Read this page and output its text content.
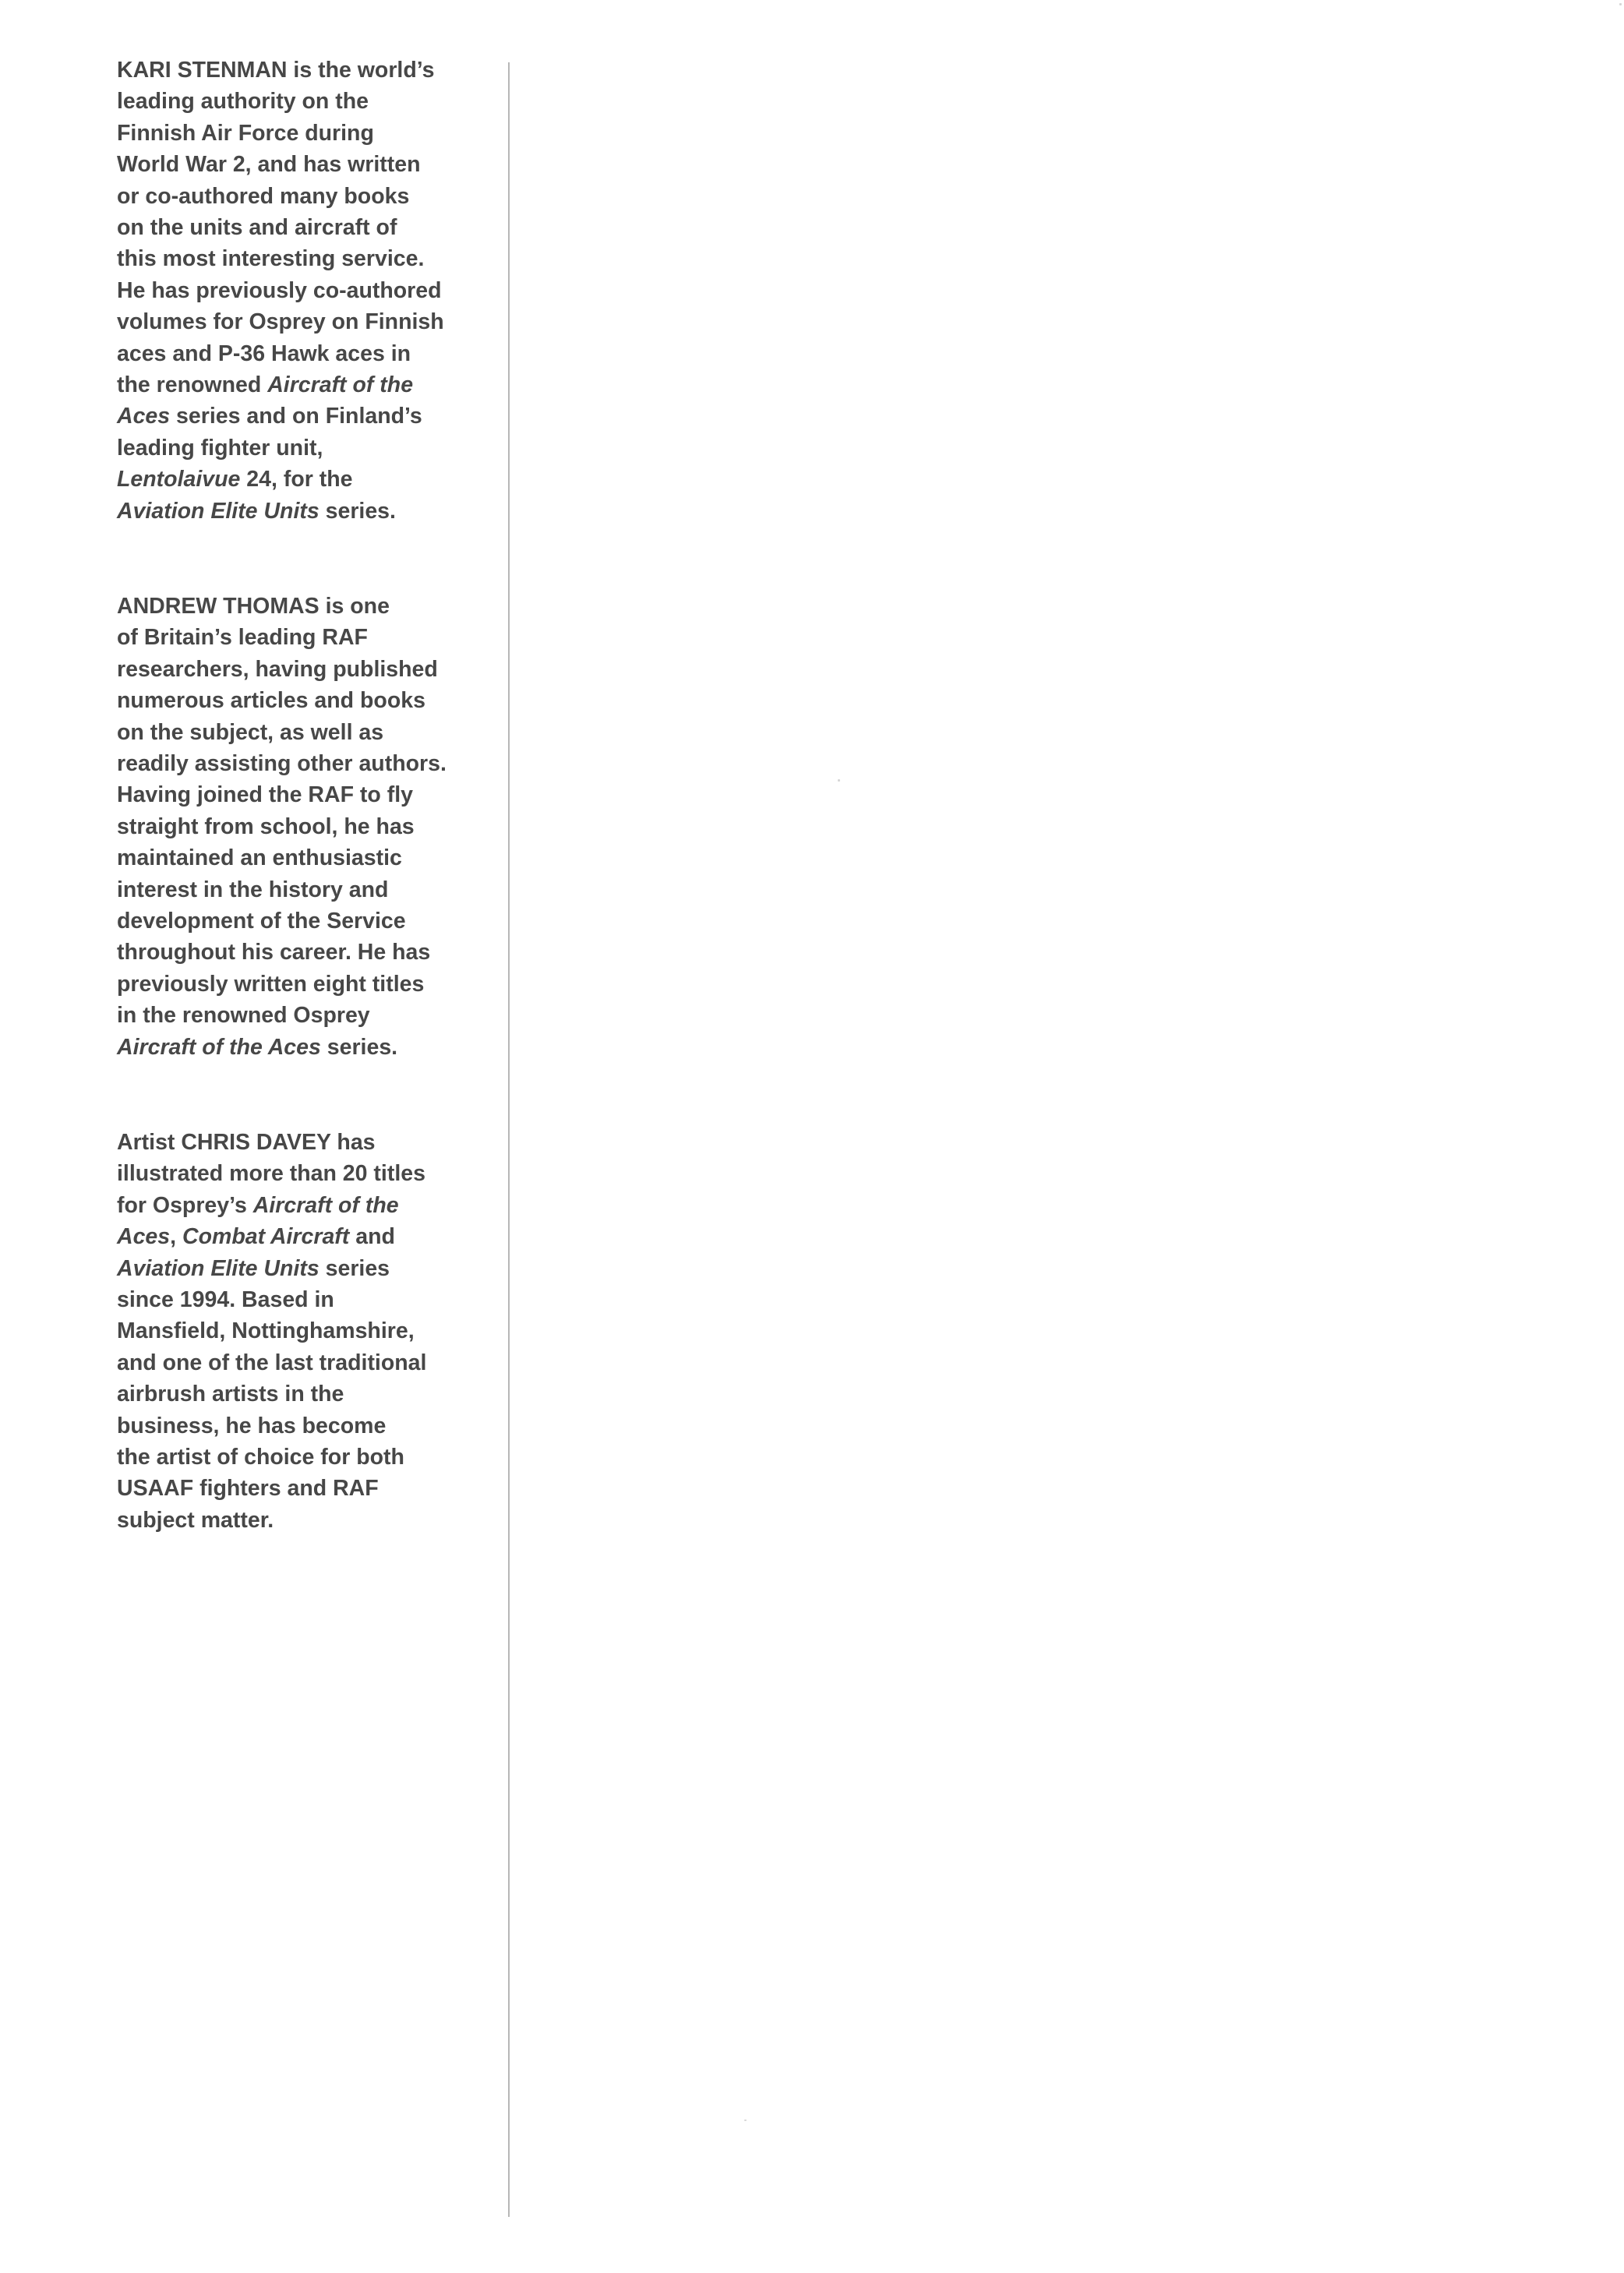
KARI STENMAN is the world’s
leading authority on the
Finnish Air Force during
World War 2, and has written
or co-authored many books
on the units and aircraft of
this most interesting service.
He has previously co-authored
volumes for Osprey on Finnish
aces and P-36 Hawk aces in
the renowned Aircraft of the
Aces series and on Finland’s
leading fighter unit,
Lentolaivue 24, for the
Aviation Elite Units series.
ANDREW THOMAS is one
of Britain’s leading RAF
researchers, having published
numerous articles and books
on the subject, as well as
readily assisting other authors.
Having joined the RAF to fly
straight from school, he has
maintained an enthusiastic
interest in the history and
development of the Service
throughout his career. He has
previously written eight titles
in the renowned Osprey
Aircraft of the Aces series.
Artist CHRIS DAVEY has
illustrated more than 20 titles
for Osprey’s Aircraft of the
Aces, Combat Aircraft and
Aviation Elite Units series
since 1994. Based in
Mansfield, Nottinghamshire,
and one of the last traditional
airbrush artists in the
business, he has become
the artist of choice for both
USAAF fighters and RAF
subject matter.
